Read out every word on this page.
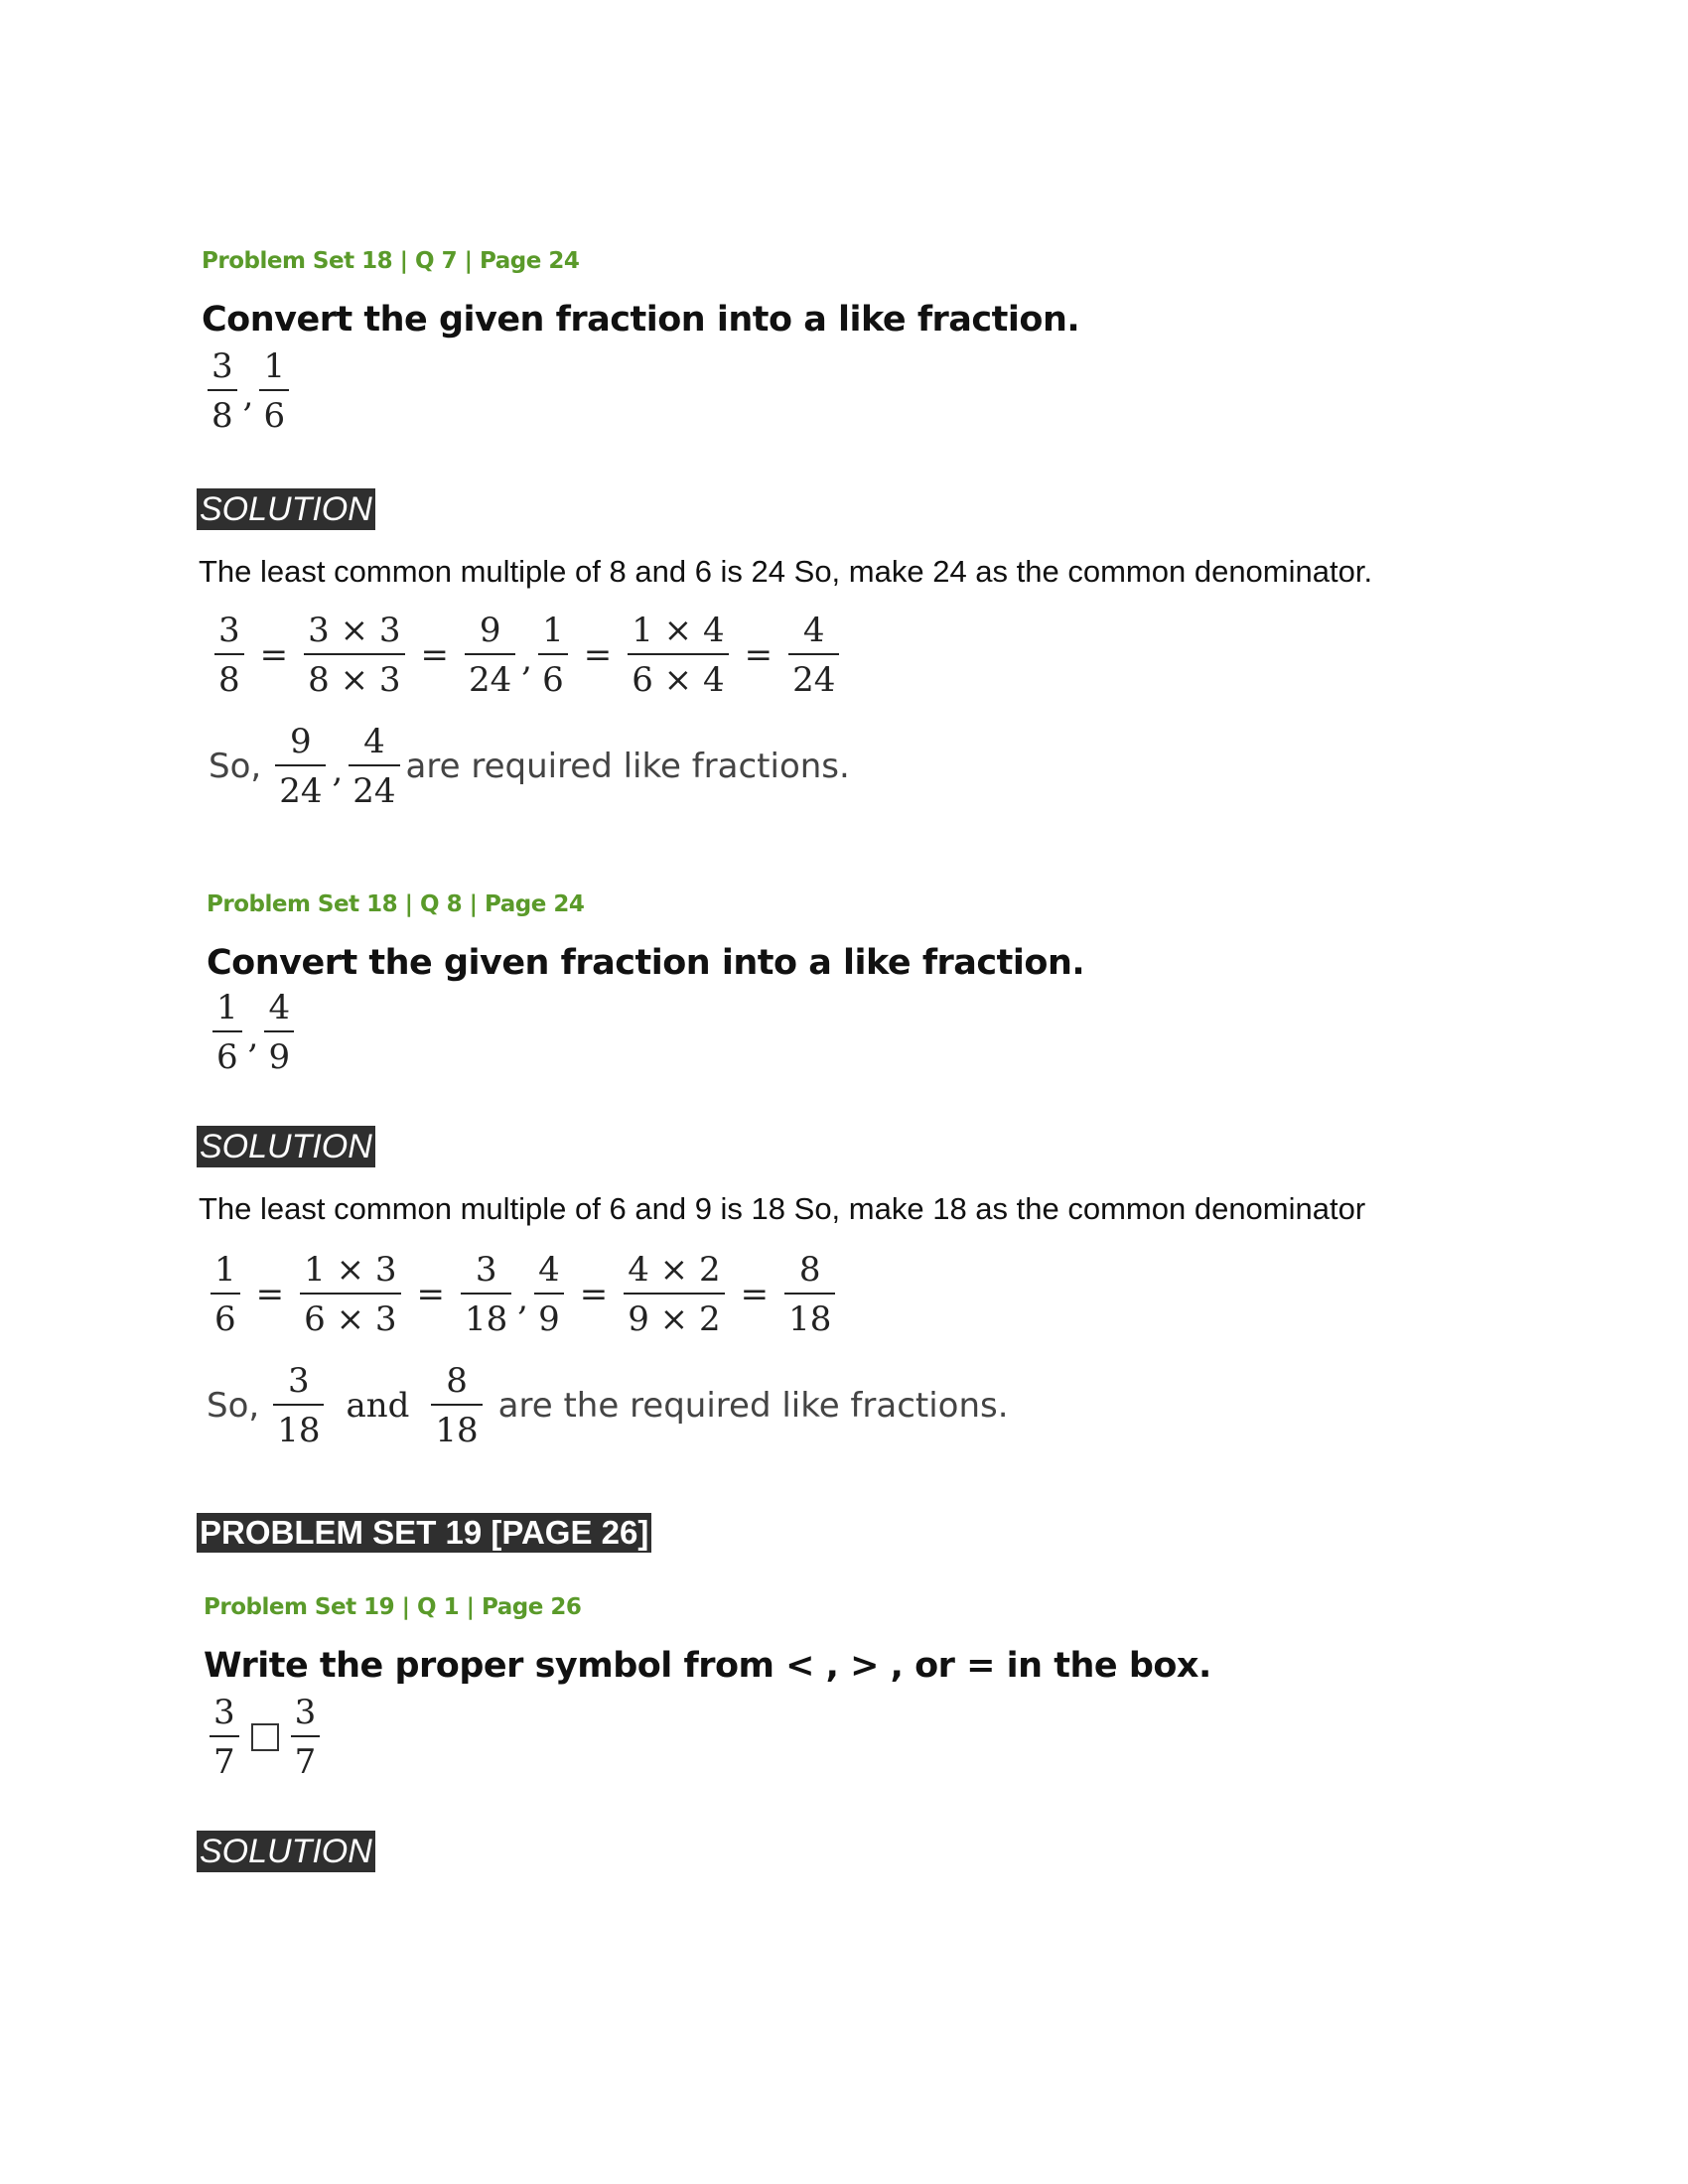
Problem Set 18 | Q 7 | Page 24
Convert the given fraction into a like fraction.
$\frac{3}{8}$ , $\frac{1}{6}$
SOLUTION
The least common multiple of 8 and 6 is 24 So, make 24 as the common denominator.
$\frac{3}{8} = \frac{3 \times 3}{8 \times 3} = \frac{9}{24}$ , $\frac{1}{6} = \frac{1 \times 4}{6 \times 4} = \frac{4}{24}$
So, $\frac{9}{24}$ , $\frac{4}{24}$ are required like fractions.
Problem Set 18 | Q 8 | Page 24
Convert the given fraction into a like fraction.
$\frac{1}{6}$ , $\frac{4}{9}$
SOLUTION
The least common multiple of 6 and 9 is 18 So, make 18 as the common denominator
$\frac{1}{6} = \frac{1 \times 3}{6 \times 3} = \frac{3}{18}$ , $\frac{4}{9} = \frac{4 \times 2}{9 \times 2} = \frac{8}{18}$
So, $\frac{3}{18}$ and $\frac{8}{18}$ are the required like fractions.
PROBLEM SET 19 [PAGE 26]
Problem Set 19 | Q 1 | Page 26
Write the proper symbol from < , > , or = in the box.
$\frac{3}{7} \frac{3}{7}$
SOLUTION
